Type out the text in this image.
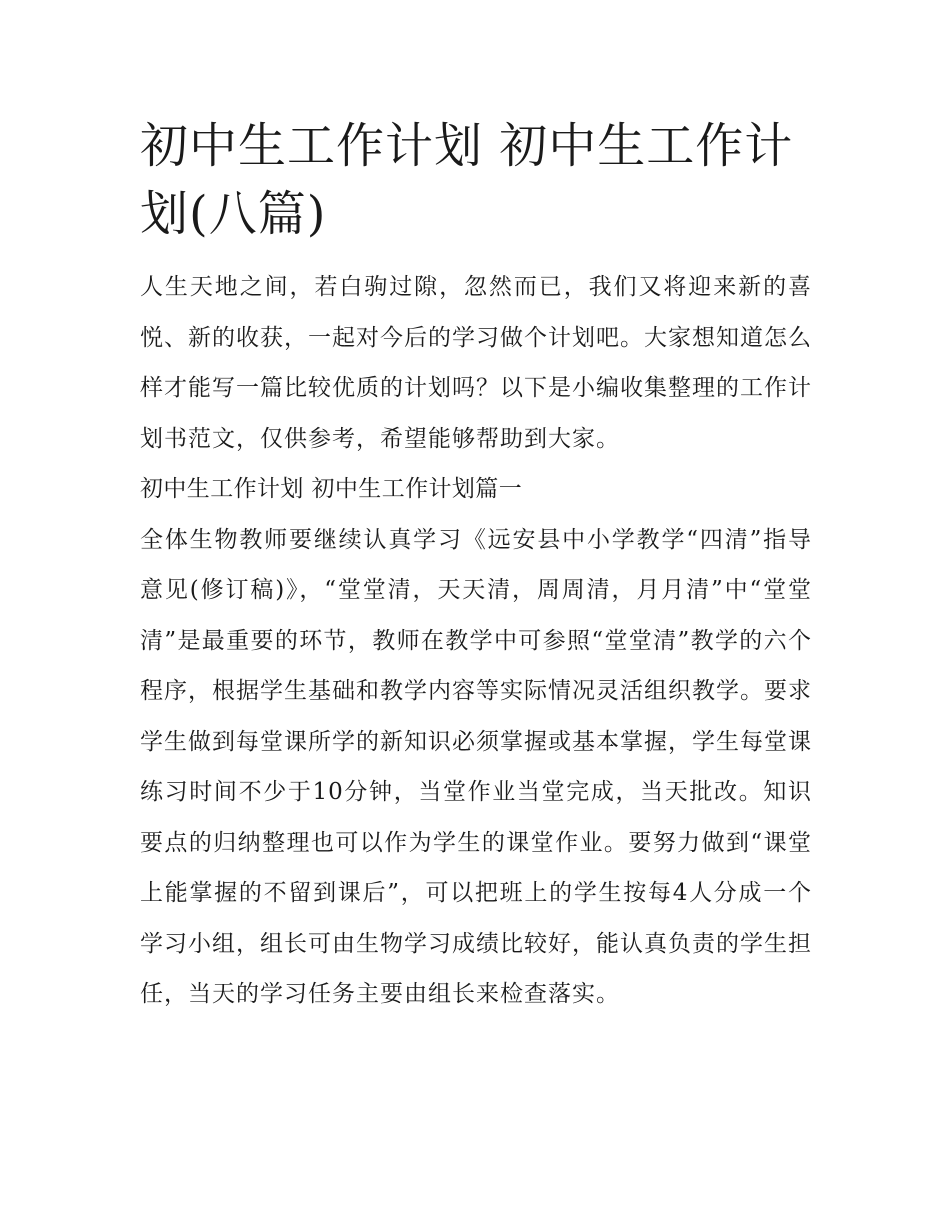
初中生工作计划 初中生工作计划(八篇)

人生天地之间，若白驹过隙，忽然而已，我们又将迎来新的喜悦、新的收获，一起对今后的学习做个计划吧。大家想知道怎么样才能写一篇比较优质的计划吗？以下是小编收集整理的工作计划书范文，仅供参考，希望能够帮助到大家。

初中生工作计划 初中生工作计划篇一

全体生物教师要继续认真学习《远安县中小学教学“四清”指导意见(修订稿)》，“堂堂清，天天清，周周清，月月清”中“堂堂清”是最重要的环节，教师在教学中可参照“堂堂清”教学的六个程序，根据学生基础和教学内容等实际情况灵活组织教学。要求学生做到每堂课所学的新知识必须掌握或基本掌握，学生每堂课练习时间不少于10分钟，当堂作业当堂完成，当天批改。知识要点的归纳整理也可以作为学生的课堂作业。要努力做到“课堂上能掌握的不留到课后”，可以把班上的学生按每4人分成一个学习小组，组长可由生物学习成绩比较好，能认真负责的学生担任，当天的学习任务主要由组长来检查落实。
